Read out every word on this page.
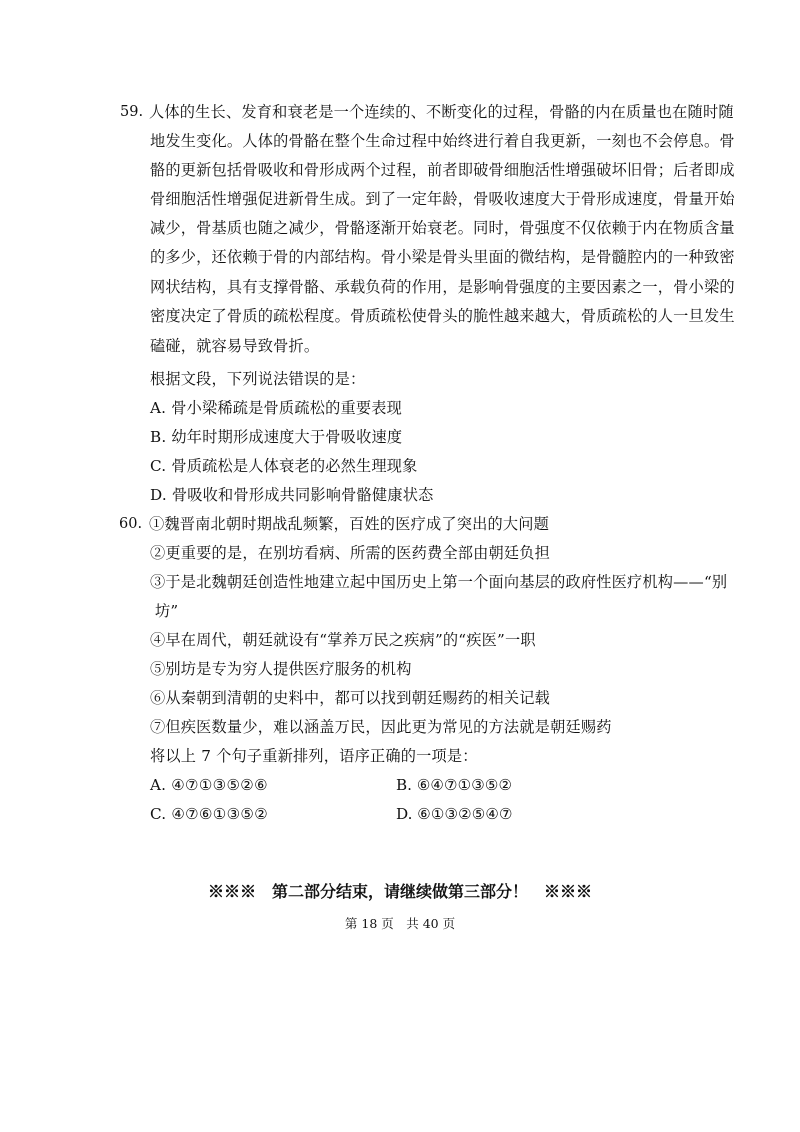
59. 人体的生长、发育和衰老是一个连续的、不断变化的过程，骨骼的内在质量也在随时随
地发生变化。人体的骨骼在整个生命过程中始终进行着自我更新，一刻也不会停息。骨
骼的更新包括骨吸收和骨形成两个过程，前者即破骨细胞活性增强破坏旧骨；后者即成
骨细胞活性增强促进新骨生成。到了一定年龄，骨吸收速度大于骨形成速度，骨量开始
减少，骨基质也随之减少，骨骼逐渐开始衰老。同时，骨强度不仅依赖于内在物质含量
的多少，还依赖于骨的内部结构。骨小梁是骨头里面的微结构，是骨髓腔内的一种致密
网状结构，具有支撑骨骼、承载负荷的作用，是影响骨强度的主要因素之一，骨小梁的
密度决定了骨质的疏松程度。骨质疏松使骨头的脆性越来越大，骨质疏松的人一旦发生
磕碰，就容易导致骨折。
根据文段，下列说法错误的是：
A. 骨小梁稀疏是骨质疏松的重要表现
B. 幼年时期形成速度大于骨吸收速度
C. 骨质疏松是人体衰老的必然生理现象
D. 骨吸收和骨形成共同影响骨骼健康状态
60. ①魏晋南北朝时期战乱频繁，百姓的医疗成了突出的大问题
②更重要的是，在别坊看病、所需的医药费全部由朝廷负担
③于是北魏朝廷创造性地建立起中国历史上第一个面向基层的政府性医疗机构——“别
坊”
④早在周代，朝廷就设有“掌养万民之疾病”的“疾医”一职
⑤别坊是专为穷人提供医疗服务的机构
⑥从秦朝到清朝的史料中，都可以找到朝廷赐药的相关记载
⑦但疾医数量少，难以涵盖万民，因此更为常见的方法就是朝廷赐药
将以上 7 个句子重新排列，语序正确的一项是：
A. ④⑦①③⑤②⑥	B. ⑥④⑦①③⑤②
C. ④⑦⑥①③⑤②	D. ⑥①③②⑤④⑦
※※※　第二部分结束，请继续做第三部分！　※※※
第 18 页　共 40 页
